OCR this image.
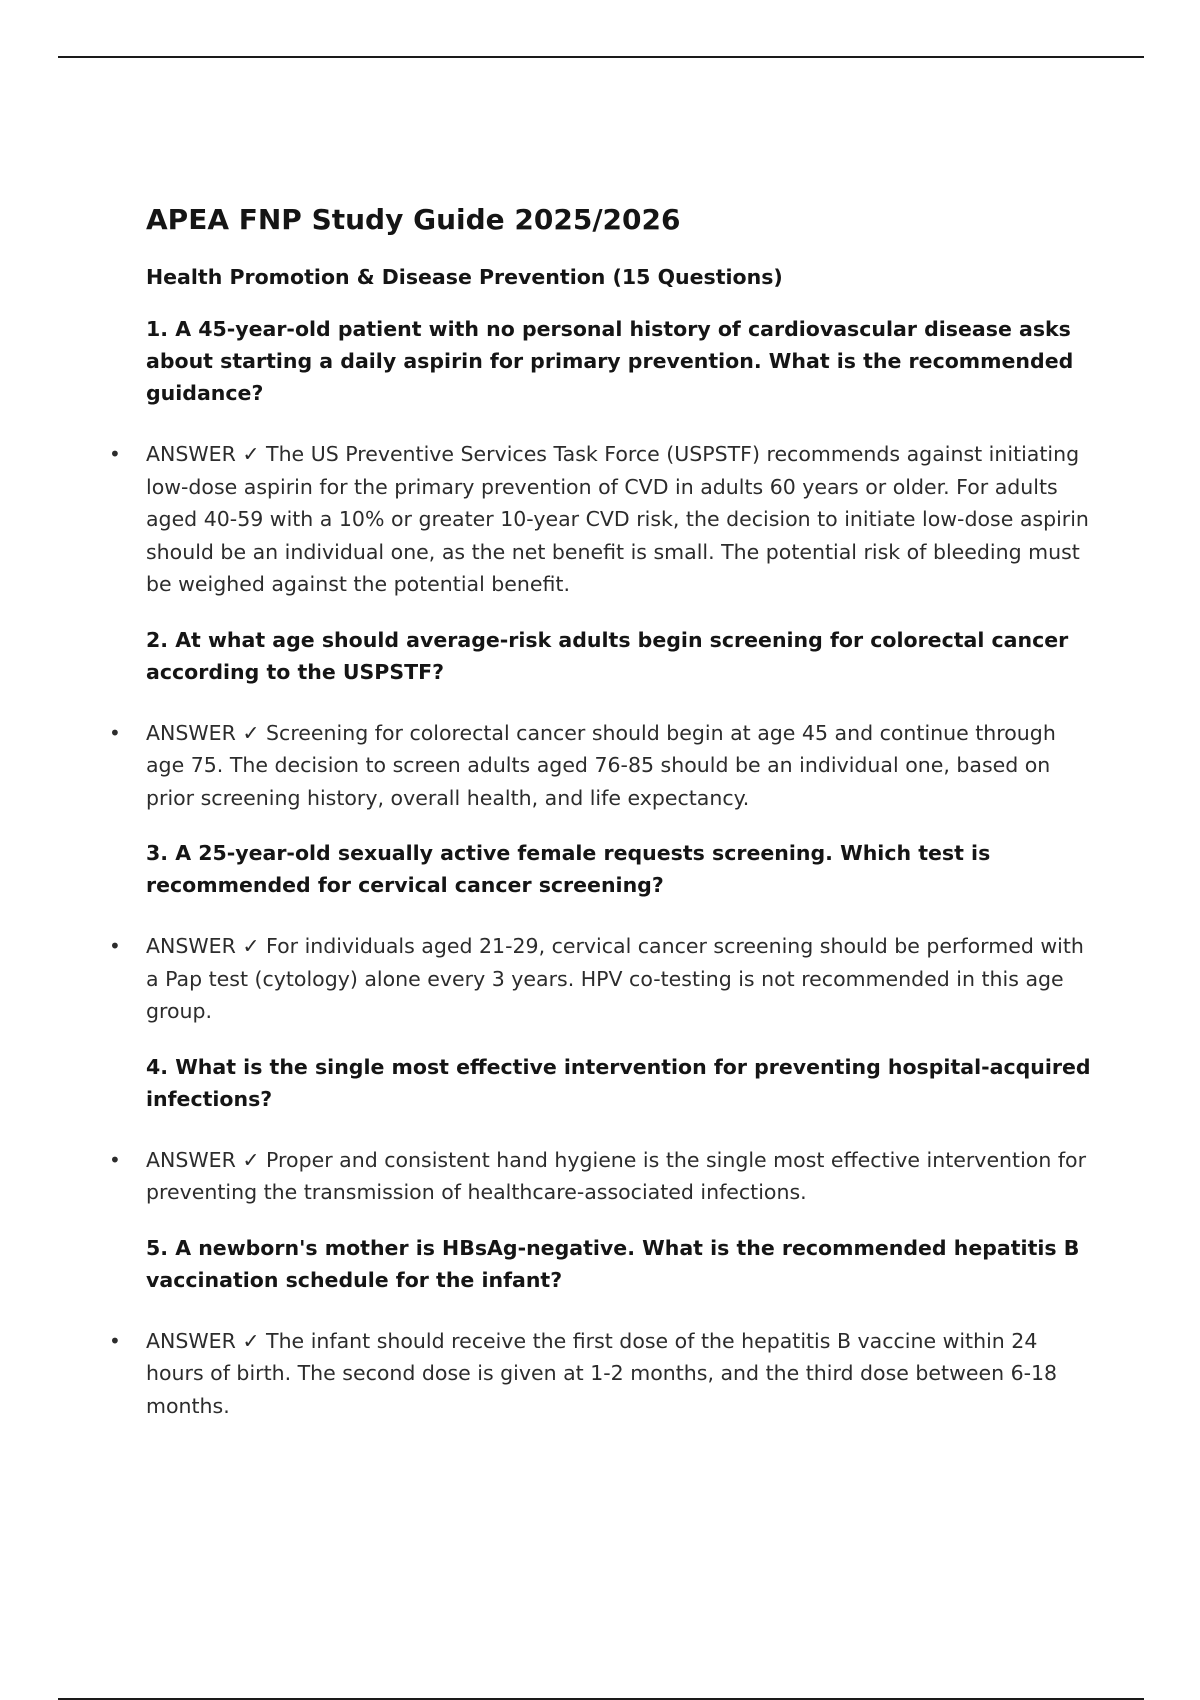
APEA FNP Study Guide 2025/2026
Health Promotion & Disease Prevention (15 Questions)

1. A 45-year-old patient with no personal history of cardiovascular disease asks about starting a daily aspirin for primary prevention. What is the recommended guidance?

• ANSWER ✓ The US Preventive Services Task Force (USPSTF) recommends against initiating low-dose aspirin for the primary prevention of CVD in adults 60 years or older. For adults aged 40-59 with a 10% or greater 10-year CVD risk, the decision to initiate low-dose aspirin should be an individual one, as the net benefit is small. The potential risk of bleeding must be weighed against the potential benefit.

2. At what age should average-risk adults begin screening for colorectal cancer according to the USPSTF?

• ANSWER ✓ Screening for colorectal cancer should begin at age 45 and continue through age 75. The decision to screen adults aged 76-85 should be an individual one, based on prior screening history, overall health, and life expectancy.

3. A 25-year-old sexually active female requests screening. Which test is recommended for cervical cancer screening?

• ANSWER ✓ For individuals aged 21-29, cervical cancer screening should be performed with a Pap test (cytology) alone every 3 years. HPV co-testing is not recommended in this age group.

4. What is the single most effective intervention for preventing hospital-acquired infections?

• ANSWER ✓ Proper and consistent hand hygiene is the single most effective intervention for preventing the transmission of healthcare-associated infections.

5. A newborn's mother is HBsAg-negative. What is the recommended hepatitis B vaccination schedule for the infant?

• ANSWER ✓ The infant should receive the first dose of the hepatitis B vaccine within 24 hours of birth. The second dose is given at 1-2 months, and the third dose between 6-18 months.
